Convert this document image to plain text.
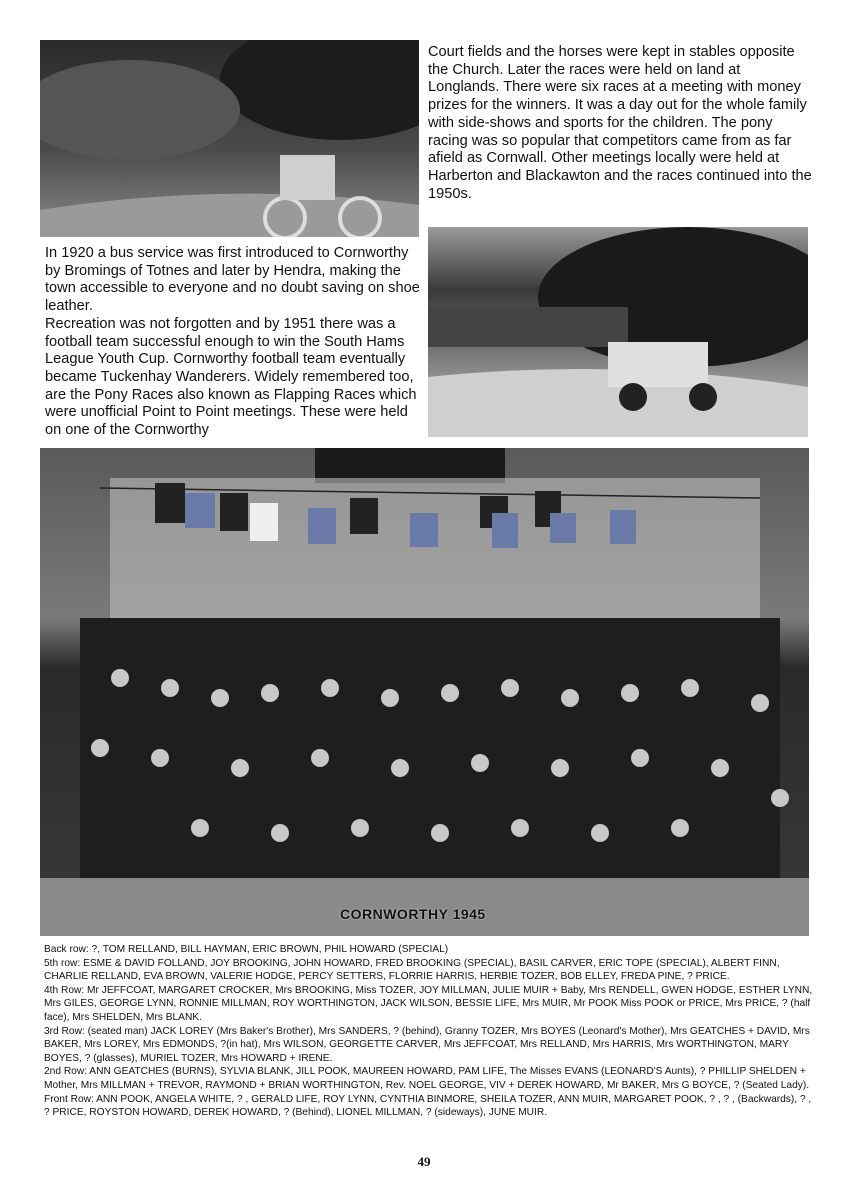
Court fields and the horses were kept in stables opposite the Church. Later the races were held on land at Longlands. There were six races at a meeting with money prizes for the winners. It was a day out for the whole family with side-shows and sports for the children. The pony racing was so popular that competitors came from as far afield as Cornwall. Other meetings locally were held at Harberton and Blackawton and the races continued into the 1950s.

In 1920 a bus service was first introduced to Cornworthy by Bromings of Totnes and later by Hendra, making the town accessible to everyone and no doubt saving on shoe leather.

Recreation was not forgotten and by 1951 there was a football team successful enough to win the South Hams League Youth Cup. Cornworthy football team eventually became Tuckenhay Wanderers. Widely remembered too, are the Pony Races also known as Flapping Races which were unofficial Point to Point meetings. These were held on one of the Cornworthy

CORNWORTHY 1945

Back row: ?, TOM RELLAND, BILL HAYMAN, ERIC BROWN, PHIL HOWARD (SPECIAL)

5th row: ESME & DAVID FOLLAND, JOY BROOKING, JOHN HOWARD, FRED BROOKING (SPECIAL), BASIL CARVER, ERIC TOPE (SPECIAL), ALBERT FINN, CHARLIE RELLAND, EVA BROWN, VALERIE HODGE, PERCY SETTERS, FLORRIE HARRIS, HERBIE TOZER, BOB ELLEY, FREDA PINE, ? PRICE.

4th Row: Mr JEFFCOAT, MARGARET CROCKER, Mrs BROOKING, Miss TOZER, JOY MILLMAN, JULIE MUIR + Baby, Mrs RENDELL, GWEN HODGE, ESTHER LYNN, Mrs GILES, GEORGE LYNN, RONNIE MILLMAN, ROY WORTHINGTON, JACK WILSON, BESSIE LIFE, Mrs MUIR, Mr POOK Miss POOK or PRICE, Mrs PRICE, ? (half face), Mrs SHELDEN, Mrs BLANK.

3rd Row: (seated man) JACK LOREY (Mrs Baker's Brother), Mrs SANDERS, ? (behind), Granny TOZER, Mrs BOYES (Leonard's Mother), Mrs GEATCHES + DAVID, Mrs BAKER, Mrs LOREY, Mrs EDMONDS, ?(in hat), Mrs WILSON, GEORGETTE CARVER, Mrs JEFFCOAT, Mrs RELLAND, Mrs HARRIS, Mrs WORTHINGTON, MARY BOYES, ? (glasses), MURIEL TOZER, Mrs HOWARD + IRENE.

2nd Row: ANN GEATCHES (BURNS), SYLVIA BLANK, JILL POOK, MAUREEN HOWARD, PAM LIFE, The Misses EVANS (LEONARD'S Aunts), ? PHILLIP SHELDEN + Mother, Mrs MILLMAN + TREVOR, RAYMOND + BRIAN WORTHINGTON, Rev. NOEL GEORGE, VIV + DEREK HOWARD, Mr BAKER, Mrs G BOYCE, ? (Seated Lady).

Front Row: ANN POOK, ANGELA WHITE, ? , GERALD LIFE, ROY LYNN, CYNTHIA BINMORE, SHEILA TOZER, ANN MUIR, MARGARET POOK, ? , ? , (Backwards), ? , ? PRICE, ROYSTON HOWARD, DEREK HOWARD, ? (Behind), LIONEL MILLMAN, ? (sideways), JUNE MUIR.

49
